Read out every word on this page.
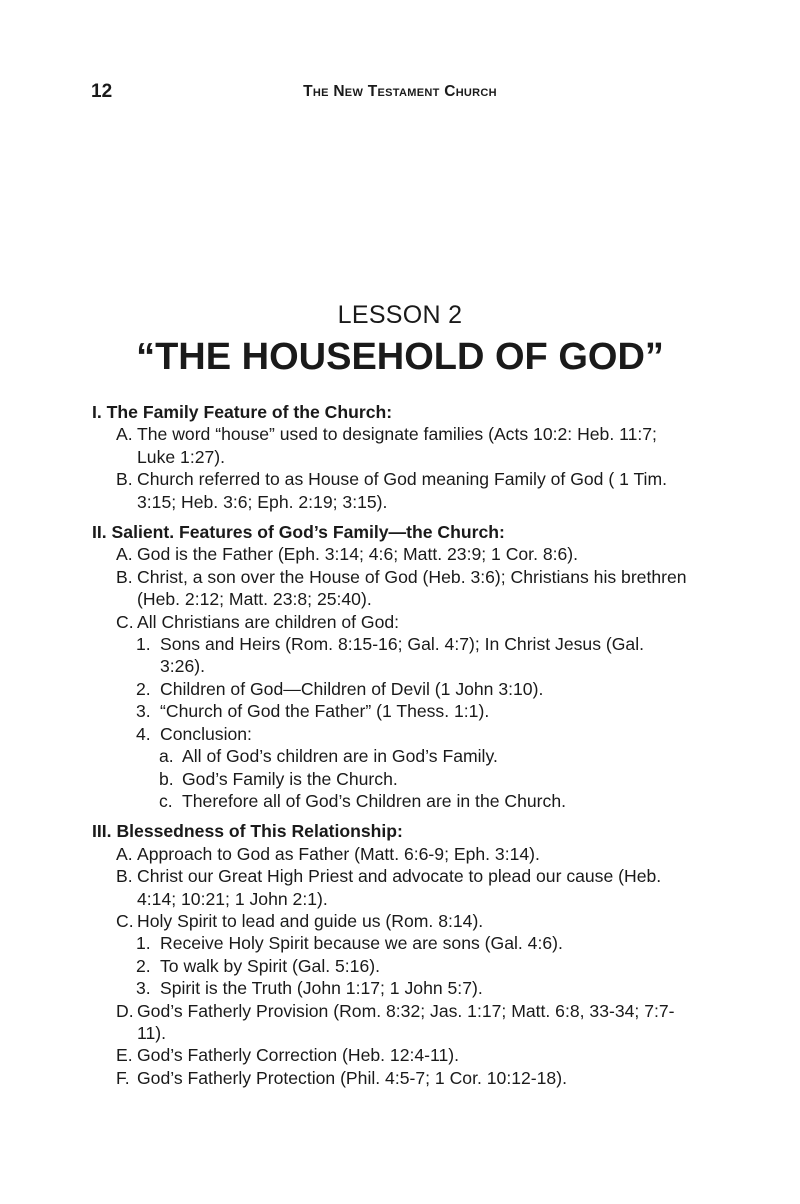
12	The New Testament Church
LESSON 2
“THE HOUSEHOLD OF GOD”
I. The Family Feature of the Church:
A. The word “house” used to designate families (Acts 10:2: Heb. 11:7; Luke 1:27).
B. Church referred to as House of God meaning Family of God ( 1 Tim. 3:15; Heb. 3:6; Eph. 2:19; 3:15).
II. Salient. Features of God’s Family—the Church:
A. God is the Father (Eph. 3:14; 4:6; Matt. 23:9; 1 Cor. 8:6).
B. Christ, a son over the House of God (Heb. 3:6); Christians his brethren (Heb. 2:12; Matt. 23:8; 25:40).
C. All Christians are children of God:
1. Sons and Heirs (Rom. 8:15-16; Gal. 4:7); In Christ Jesus (Gal. 3:26).
2. Children of God—Children of Devil (1 John 3:10).
3. “Church of God the Father” (1 Thess. 1:1).
4. Conclusion:
a. All of God’s children are in God’s Family.
b. God’s Family is the Church.
c. Therefore all of God’s Children are in the Church.
III. Blessedness of This Relationship:
A. Approach to God as Father (Matt. 6:6-9; Eph. 3:14).
B. Christ our Great High Priest and advocate to plead our cause (Heb. 4:14; 10:21; 1 John 2:1).
C. Holy Spirit to lead and guide us (Rom. 8:14).
1. Receive Holy Spirit because we are sons (Gal. 4:6).
2. To walk by Spirit (Gal. 5:16).
3. Spirit is the Truth (John 1:17; 1 John 5:7).
D. God’s Fatherly Provision (Rom. 8:32; Jas. 1:17; Matt. 6:8, 33-34; 7:7-11).
E. God’s Fatherly Correction (Heb. 12:4-11).
F. God’s Fatherly Protection (Phil. 4:5-7; 1 Cor. 10:12-18).
